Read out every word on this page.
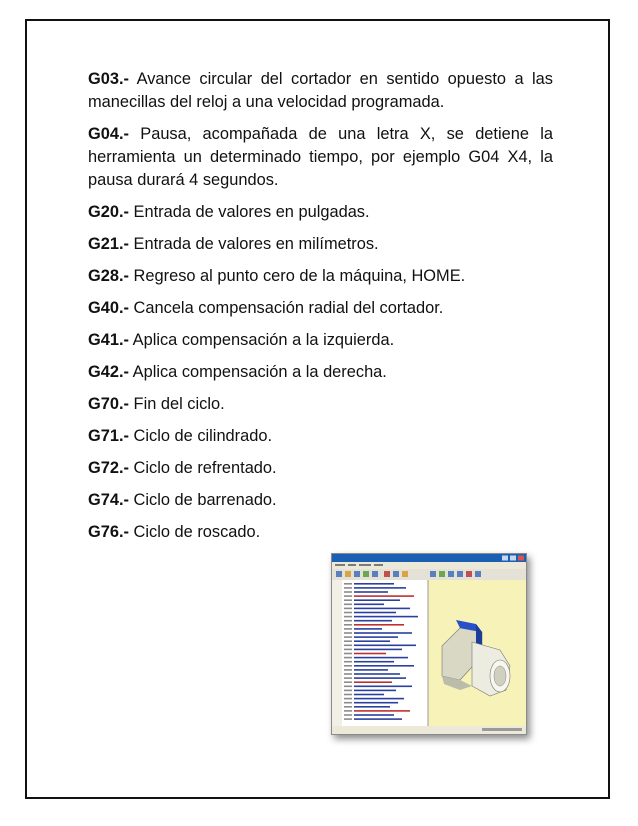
G03.- Avance circular del cortador en sentido opuesto a las manecillas del reloj a una velocidad programada.

G04.- Pausa, acompañada de una letra X, se detiene la herramienta un determinado tiempo, por ejemplo G04 X4, la pausa durará 4 segundos.

G20.- Entrada de valores en pulgadas.

G21.- Entrada de valores en milímetros.

G28.- Regreso al punto cero de la máquina, HOME.

G40.- Cancela compensación radial del cortador.

G41.- Aplica compensación a la izquierda.

G42.- Aplica compensación a la derecha.

G70.- Fin del ciclo.

G71.- Ciclo de cilindrado.

G72.- Ciclo de refrentado.

G74.- Ciclo de barrenado.

G76.- Ciclo de roscado.
